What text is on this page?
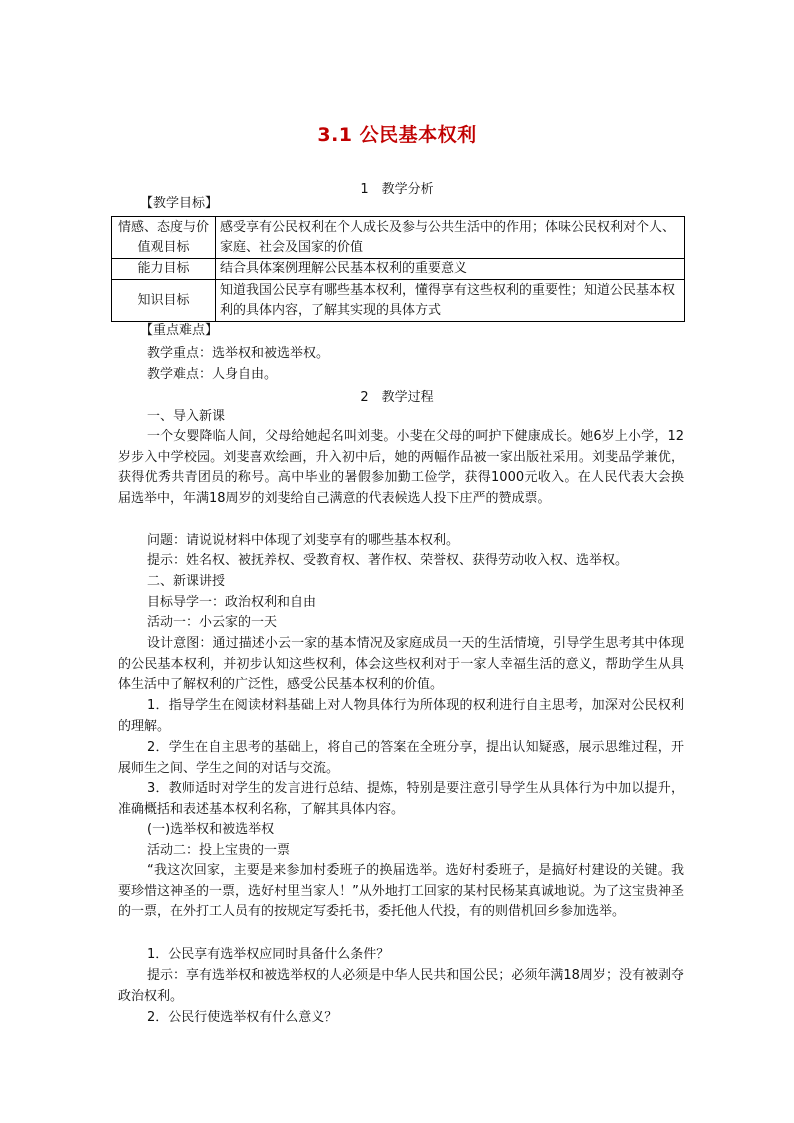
3.1 公民基本权利
1　教学分析
【教学目标】
情感、态度与价值观目标	感受享有公民权利在个人成长及参与公共生活中的作用；体味公民权利对个人、家庭、社会及国家的价值
能力目标	结合具体案例理解公民基本权利的重要意义
知识目标	知道我国公民享有哪些基本权利，懂得享有这些权利的重要性；知道公民基本权利的具体内容，了解其实现的具体方式
【重点难点】
教学重点：选举权和被选举权。
教学难点：人身自由。
2　教学过程
一、导入新课
一个女婴降临人间，父母给她起名叫刘斐。小斐在父母的呵护下健康成长。她6岁上小学，12岁步入中学校园。刘斐喜欢绘画，升入初中后，她的两幅作品被一家出版社采用。刘斐品学兼优，获得优秀共青团员的称号。高中毕业的暑假参加勤工俭学，获得1000元收入。在人民代表大会换届选举中，年满18周岁的刘斐给自己满意的代表候选人投下庄严的赞成票。
问题：请说说材料中体现了刘斐享有的哪些基本权利。
提示：姓名权、被抚养权、受教育权、著作权、荣誉权、获得劳动收入权、选举权。
二、新课讲授
目标导学一：政治权利和自由
活动一：小云家的一天
设计意图：通过描述小云一家的基本情况及家庭成员一天的生活情境，引导学生思考其中体现的公民基本权利，并初步认知这些权利，体会这些权利对于一家人幸福生活的意义，帮助学生从具体生活中了解权利的广泛性，感受公民基本权利的价值。
1．指导学生在阅读材料基础上对人物具体行为所体现的权利进行自主思考，加深对公民权利的理解。
2．学生在自主思考的基础上，将自己的答案在全班分享，提出认知疑惑，展示思维过程，开展师生之间、学生之间的对话与交流。
3．教师适时对学生的发言进行总结、提炼，特别是要注意引导学生从具体行为中加以提升，准确概括和表述基本权利名称，了解其具体内容。
(一)选举权和被选举权
活动二：投上宝贵的一票
“我这次回家，主要是来参加村委班子的换届选举。选好村委班子，是搞好村建设的关键。我要珍惜这神圣的一票，选好村里当家人！”从外地打工回家的某村民杨某真诚地说。为了这宝贵神圣的一票，在外打工人员有的按规定写委托书，委托他人代投，有的则借机回乡参加选举。
1．公民享有选举权应同时具备什么条件？
提示：享有选举权和被选举权的人必须是中华人民共和国公民；必须年满18周岁；没有被剥夺政治权利。
2．公民行使选举权有什么意义？
